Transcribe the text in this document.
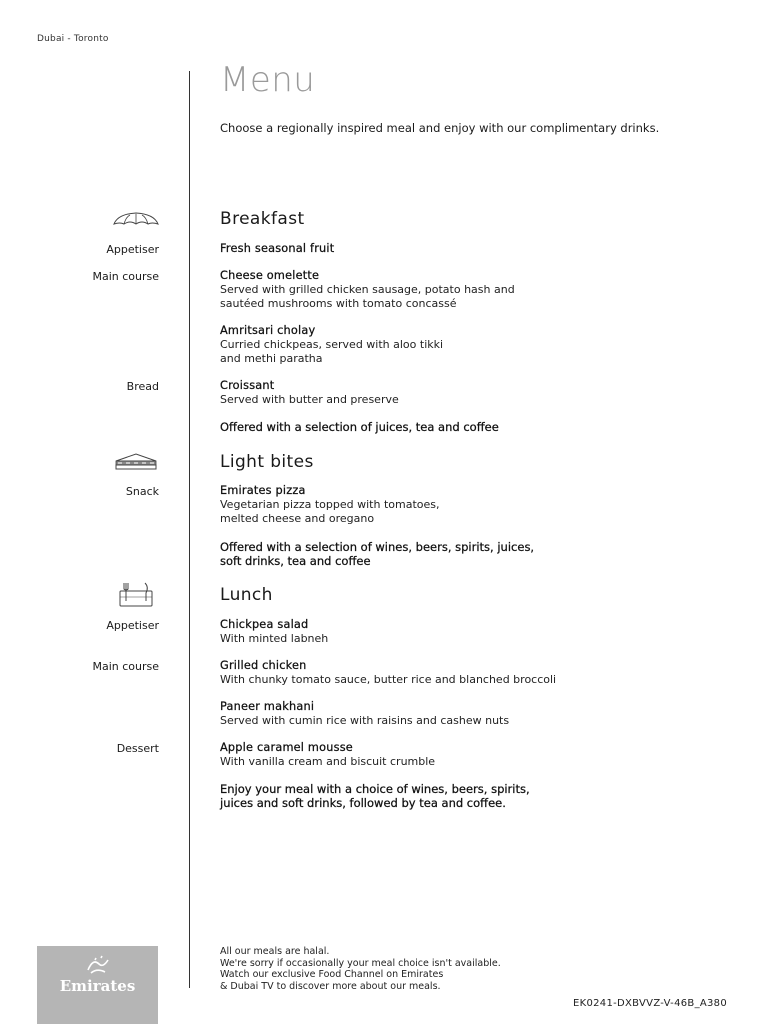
Dubai - Toronto
Menu
Choose a regionally inspired meal and enjoy with our complimentary drinks.
Breakfast
Appetiser	Fresh seasonal fruit
Main course	Cheese omelette
Served with grilled chicken sausage, potato hash and
sautéed mushrooms with tomato concassé
Amritsari cholay
Curried chickpeas, served with aloo tikki
and methi paratha
Bread	Croissant
Served with butter and preserve
Offered with a selection of juices, tea and coffee
Light bites
Snack	Emirates pizza
Vegetarian pizza topped with tomatoes,
melted cheese and oregano
Offered with a selection of wines, beers, spirits, juices,
soft drinks, tea and coffee
Lunch
Appetiser	Chickpea salad
With minted labneh
Main course	Grilled chicken
With chunky tomato sauce, butter rice and blanched broccoli
Paneer makhani
Served with cumin rice with raisins and cashew nuts
Dessert	Apple caramel mousse
With vanilla cream and biscuit crumble
Enjoy your meal with a choice of wines, beers, spirits,
juices and soft drinks, followed by tea and coffee.
Emirates
All our meals are halal.
We're sorry if occasionally your meal choice isn't available.
Watch our exclusive Food Channel on Emirates
& Dubai TV to discover more about our meals.
EK0241-DXBVVZ-V-46B_A380
